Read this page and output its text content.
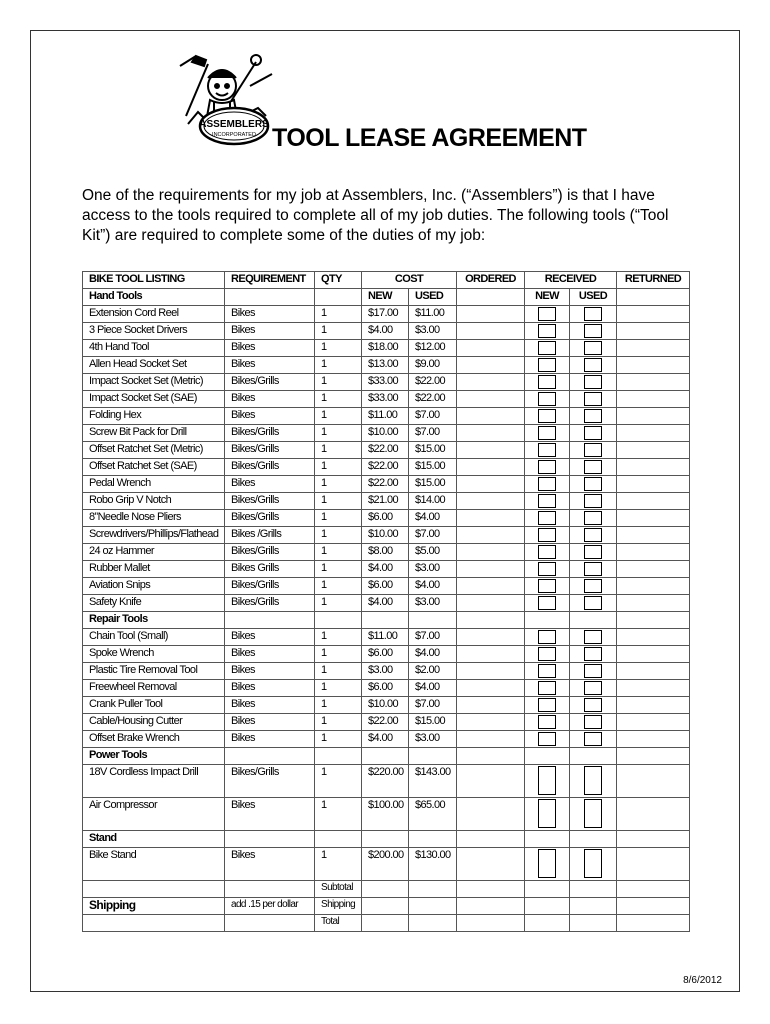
ASSEMBLERS
INCORPORATED TOOL LEASE AGREEMENT
One of the requirements for my job at Assemblers, Inc. (“Assemblers”) is that I have access to the tools required to complete all of my job duties. The following tools (“Tool Kit”) are required to complete some of the duties of my job:
BIKE TOOL LISTING	REQUIREMENT	QTY	COST		ORDERED	RECEIVED		RETURNED
Hand Tools			NEW	USED		NEW	USED	
Extension Cord Reel	Bikes	1	$17.00	$11.00				
3 Piece Socket Drivers	Bikes	1	$4.00	$3.00				
4th Hand Tool	Bikes	1	$18.00	$12.00				
Allen Head Socket Set	Bikes	1	$13.00	$9.00				
Impact Socket Set (Metric)	Bikes/Grills	1	$33.00	$22.00				
Impact Socket Set (SAE)	Bikes	1	$33.00	$22.00				
Folding Hex	Bikes	1	$11.00	$7.00				
Screw Bit Pack for Drill	Bikes/Grills	1	$10.00	$7.00				
Offset Ratchet Set (Metric)	Bikes/Grills	1	$22.00	$15.00				
Offset Ratchet Set (SAE)	Bikes/Grills	1	$22.00	$15.00				
Pedal Wrench	Bikes	1	$22.00	$15.00				
Robo Grip V Notch	Bikes/Grills	1	$21.00	$14.00				
8”Needle Nose Pliers	Bikes/Grills	1	$6.00	$4.00				
Screwdrivers/Phillips/Flathead	Bikes /Grills	1	$10.00	$7.00				
24 oz Hammer	Bikes/Grills	1	$8.00	$5.00				
Rubber Mallet	Bikes Grills	1	$4.00	$3.00				
Aviation Snips	Bikes/Grills	1	$6.00	$4.00				
Safety Knife	Bikes/Grills	1	$4.00	$3.00				
Repair Tools								
Chain Tool (Small)	Bikes	1	$11.00	$7.00				
Spoke Wrench	Bikes	1	$6.00	$4.00				
Plastic Tire Removal Tool	Bikes	1	$3.00	$2.00				
Freewheel Removal	Bikes	1	$6.00	$4.00				
Crank Puller Tool	Bikes	1	$10.00	$7.00				
Cable/Housing Cutter	Bikes	1	$22.00	$15.00				
Offset Brake Wrench	Bikes	1	$4.00	$3.00				
Power Tools								
18V Cordless Impact Drill	Bikes/Grills	1	$220.00	$143.00				
Air Compressor	Bikes	1	$100.00	$65.00				
Stand								
Bike Stand	Bikes	1	$200.00	$130.00				
		Subtotal						
Shipping	add .15 per dollar	Shipping						
		Total						
8/6/2012
